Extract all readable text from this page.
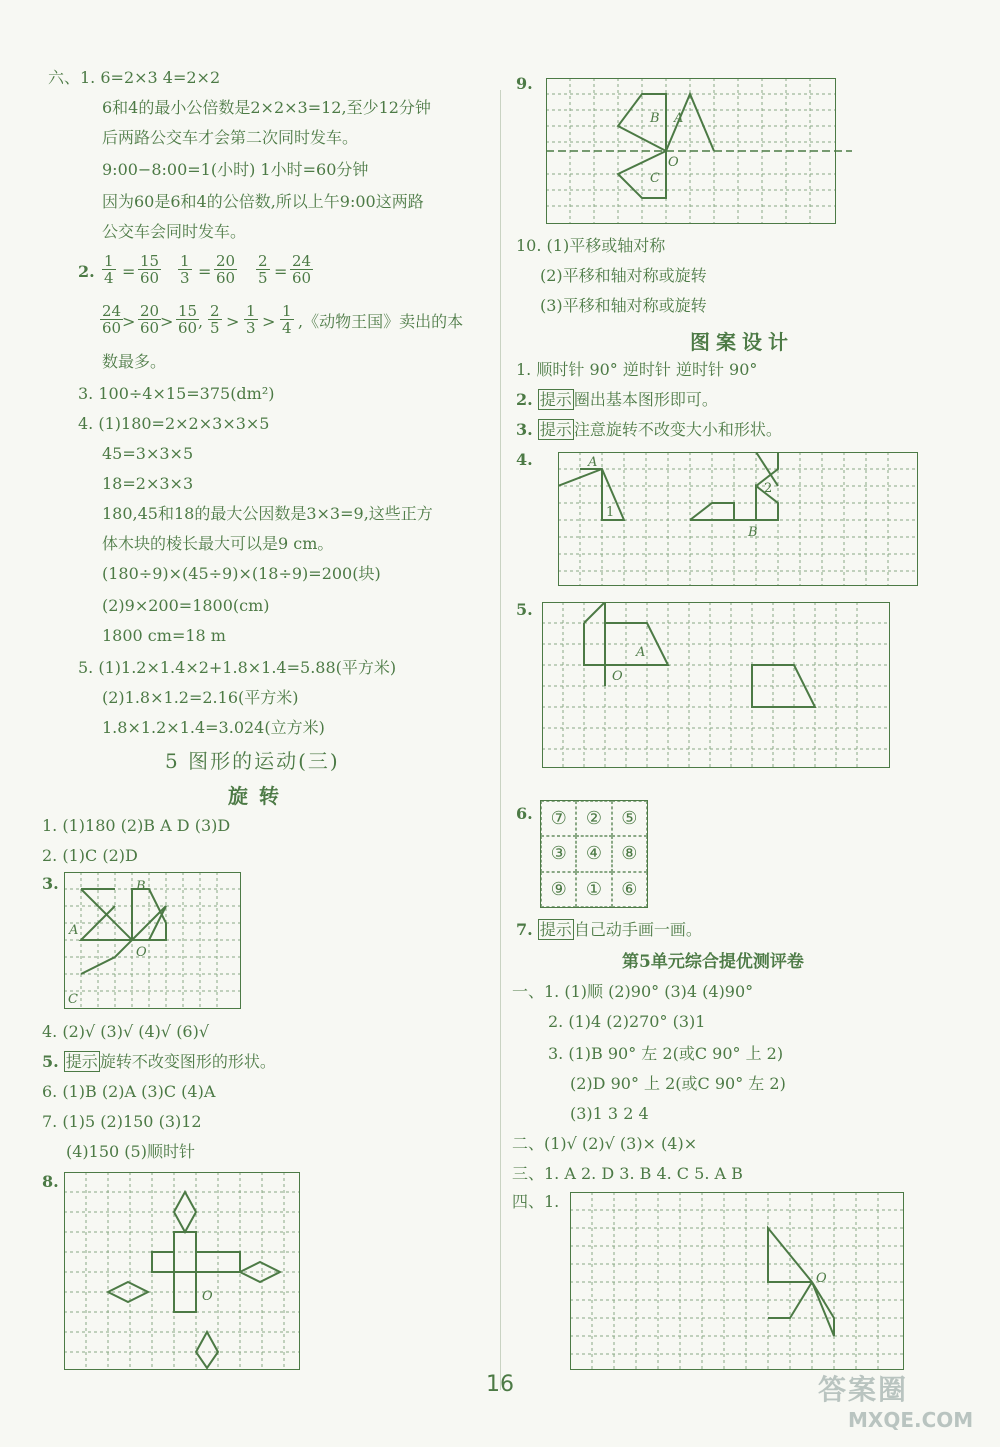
六、1. 6=2×3 4=2×2
6和4的最小公倍数是2×2×3=12,至少12分钟
后两路公交车才会第二次同时发车。
9:00−8:00=1(小时) 1小时=60分钟
因为60是6和4的公倍数,所以上午9:00这两路
公交车会同时发车。
2. $\frac{1}{4} = \frac{15}{60} \frac{1}{3} = \frac{20}{60} \frac{2}{5} = \frac{24}{60}$
$\frac{24}{60}$
> $\frac{20}{60}$
> $\frac{15}{60}$
, $\frac{2}{5} > \frac{1}{3} > \frac{1}{4}$ ,《动物王国》卖出的本
数最多。
3. 100÷4×15=375(dm²)
4. (1)180=2×2×3×3×5
45=3×3×5
18=2×3×3
180,45和18的最大公因数是3×3=9,这些正方
体木块的棱长最大可以是9 cm。
(180÷9)×(45÷9)×(18÷9)=200(块)
(2)9×200=1800(cm)
1800 cm=18 m
5. (1)1.2×1.4×2+1.8×1.4=5.88(平方米)
(2)1.8×1.2=2.16(平方米)
1.8×1.2×1.4=3.024(立方米)
5 图形的运动(三)
旋 转
1. (1)180 (2)B A D (3)D
2. (1)C (2)D
3.	B
A
O
C
4. (2)√ (3)√ (4)√ (6)√
5. 提示 旋转不改变图形的形状。
6. (1)B (2)A (3)C (4)A
7. (1)5 (2)150 (3)12
(4)150 (5)顺时针
8.
O
9.
B A
O
C
10. (1)平移或轴对称
(2)平移和轴对称或旋转
(3)平移和轴对称或旋转
图案设计
1. 顺时针 90° 逆时针 逆时针 90°
2. 提示 圈出基本图形即可。
3. 提示 注意旋转不改变大小和形状。
4.	A
1
2
B
5.
A
O
6. ⑦	②	⑤
③	④	⑧
⑨	①	⑥
7. 提示 自己动手画一画。
第5单元综合提优测评卷
一、1. (1)顺 (2)90° (3)4 (4)90°
2. (1)4 (2)270° (3)1
3. (1)B 90° 左 2(或C 90° 上 2)
(2)D 90° 上 2(或C 90° 左 2)
(3)1 3 2 4
二、(1)√ (2)√ (3)× (4)×
三、1. A 2. D 3. B 4. C 5. A B
四、1.
O
16	答案圈
MXQE.COM
